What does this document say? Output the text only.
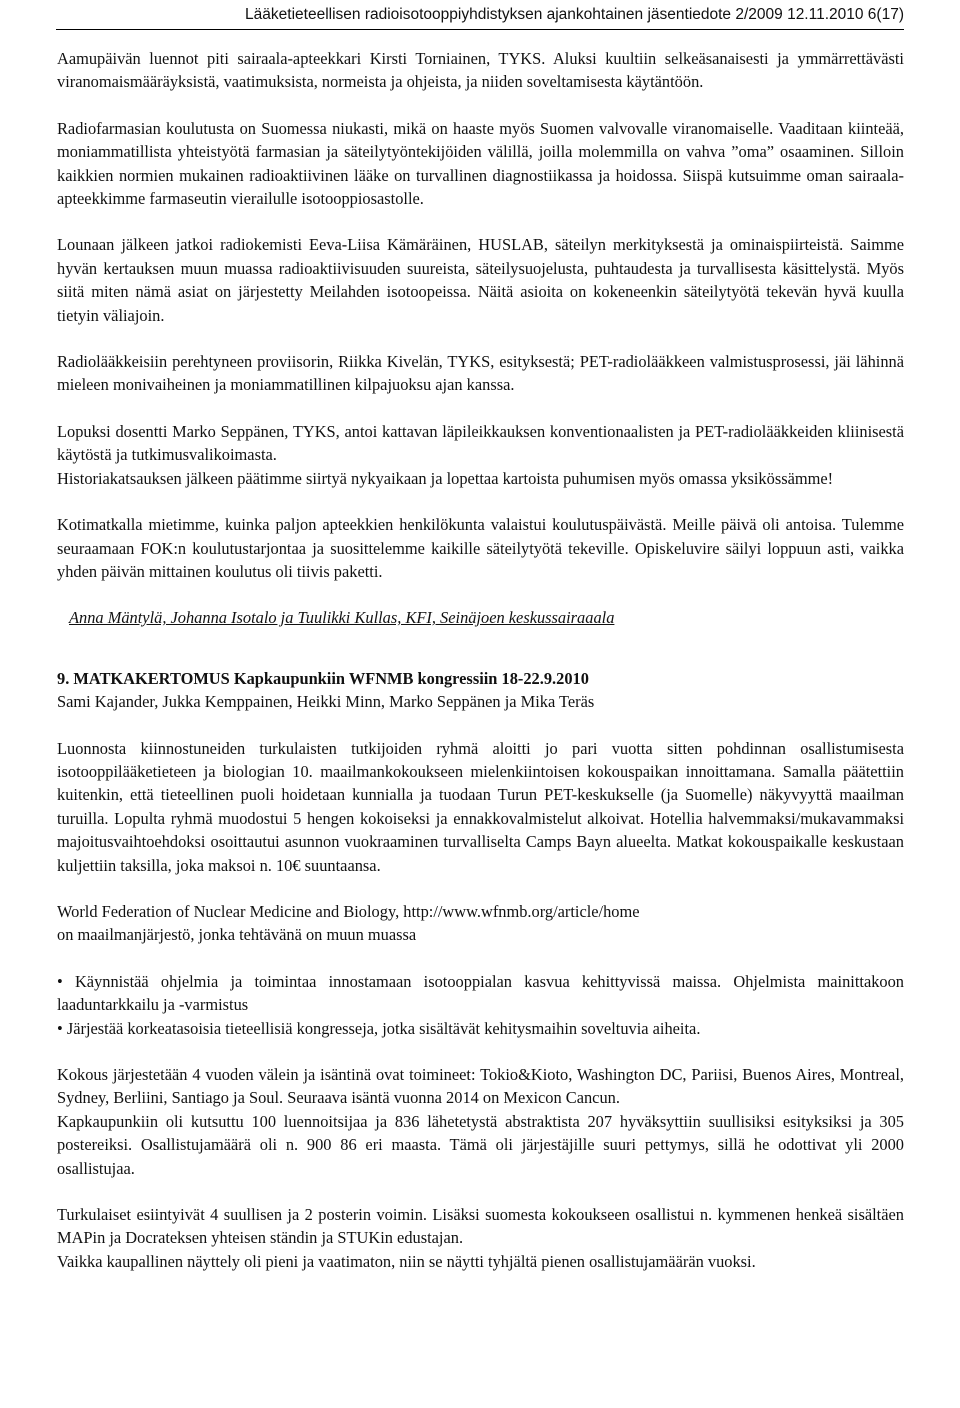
Lääketieteellisen radioisotooppiyhdistyksen ajankohtainen jäsentiedote 2/2009 12.11.2010 6(17)

Aamupäivän luennot piti sairaala-apteekkari Kirsti Torniainen, TYKS. Aluksi kuultiin selkeäsanaisesti ja ymmärrettävästi viranomaismääräyksistä, vaatimuksista, normeista ja ohjeista, ja niiden soveltamisesta käytäntöön.

Radiofarmasian koulutusta on Suomessa niukasti, mikä on haaste myös Suomen valvovalle viranomaiselle. Vaaditaan kiinteää, moniammatillista yhteistyötä farmasian ja säteilytyöntekijöiden välillä, joilla molemmilla on vahva ”oma” osaaminen. Silloin kaikkien normien mukainen radioaktiivinen lääke on turvallinen diagnostiikassa ja hoidossa. Siispä kutsuimme oman sairaala-apteekkimme farmaseutin vierailulle isotooppiosastolle.

Lounaan jälkeen jatkoi radiokemisti Eeva-Liisa Kämäräinen, HUSLAB, säteilyn merkityksestä ja ominaispiirteistä. Saimme hyvän kertauksen muun muassa radioaktiivisuuden suureista, säteilysuojelusta, puhtaudesta ja turvallisesta käsittelystä. Myös siitä miten nämä asiat on järjestetty Meilahden isotoopeissa. Näitä asioita on kokeneenkin säteilytyötä tekevän hyvä kuulla tietyin väliajoin.

Radiolääkkeisiin perehtyneen proviisorin, Riikka Kivelän, TYKS, esityksestä; PET-radiolääkkeen valmistusprosessi, jäi lähinnä mieleen monivaiheinen ja moniammatillinen kilpajuoksu ajan kanssa.

Lopuksi dosentti Marko Seppänen, TYKS, antoi kattavan läpileikkauksen konventionaalisten ja PET-radiolääkkeiden kliinisestä käytöstä ja tutkimusvalikoimasta.

Historiakatsauksen jälkeen päätimme siirtyä nykyaikaan ja lopettaa kartoista puhumisen myös omassa yksikössämme!

Kotimatkalla mietimme, kuinka paljon apteekkien henkilökunta valaistui koulutuspäivästä. Meille päivä oli antoisa. Tulemme seuraamaan FOK:n koulutustarjontaa ja suosittelemme kaikille säteilytyötä tekeville. Opiskeluvire säilyi loppuun asti, vaikka yhden päivän mittainen koulutus oli tiivis paketti.

Anna Mäntylä, Johanna Isotalo ja Tuulikki Kullas, KFI, Seinäjoen keskussairaaala

9. MATKAKERTOMUS Kapkaupunkiin WFNMB kongressiin 18-22.9.2010

Sami Kajander, Jukka Kemppainen, Heikki Minn, Marko Seppänen ja Mika Teräs

Luonnosta kiinnostuneiden turkulaisten tutkijoiden ryhmä aloitti jo pari vuotta sitten pohdinnan osallistumisesta isotooppilääketieteen ja biologian 10. maailmankokoukseen mielenkiintoisen kokouspaikan innoittamana. Samalla päätettiin kuitenkin, että tieteellinen puoli hoidetaan kunnialla ja tuodaan Turun PET-keskukselle (ja Suomelle) näkyvyyttä maailman turuilla. Lopulta ryhmä muodostui 5 hengen kokoiseksi ja ennakkovalmistelut alkoivat. Hotellia halvemmaksi/mukavammaksi majoitusvaihtoehdoksi osoittautui asunnon vuokraaminen turvalliselta Camps Bayn alueelta. Matkat kokouspaikalle keskustaan kuljettiin taksilla, joka maksoi n. 10€ suuntaansa.

World Federation of Nuclear Medicine and Biology, http://www.wfnmb.org/article/home

on maailmanjärjestö, jonka tehtävänä on muun muassa

• Käynnistää ohjelmia ja toimintaa innostamaan isotooppialan kasvua kehittyvissä maissa. Ohjelmista mainittakoon laaduntarkkailu ja -varmistus

• Järjestää korkeatasoisia tieteellisiä kongresseja, jotka sisältävät kehitysmaihin soveltuvia aiheita.

Kokous järjestetään 4 vuoden välein ja isäntinä ovat toimineet: Tokio&Kioto, Washington DC, Pariisi, Buenos Aires, Montreal, Sydney, Berliini, Santiago ja Soul. Seuraava isäntä vuonna 2014 on Mexicon Cancun.

Kapkaupunkiin oli kutsuttu 100 luennoitsijaa ja 836 lähetetystä abstraktista 207 hyväksyttiin suullisiksi esityksiksi ja 305 postereiksi. Osallistujamäärä oli n. 900 86 eri maasta. Tämä oli järjestäjille suuri pettymys, sillä he odottivat yli 2000 osallistujaa.

Turkulaiset esiintyivät 4 suullisen ja 2 posterin voimin. Lisäksi suomesta kokoukseen osallistui n. kymmenen henkeä sisältäen MAPin ja Docrateksen yhteisen ständin ja STUKin edustajan.

Vaikka kaupallinen näyttely oli pieni ja vaatimaton, niin se näytti tyhjältä pienen osallistujamäärän vuoksi.
